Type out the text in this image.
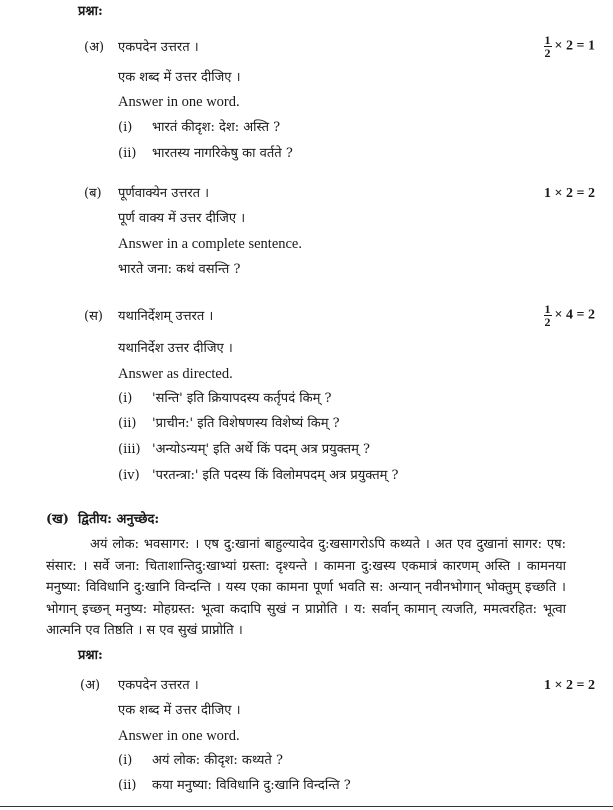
प्रश्ना:
(अ) एकपदेन उत्तरत ।	$\frac{1}{2} \times 2 = 1$
एक शब्द में उत्तर दीजिए ।
Answer in one word.
(i) भारतं कीदृश: देश: अस्ति ?
(ii) भारतस्य नागरिकेषु का वर्तते ?
(ब) पूर्णवाक्येन उत्तरत ।	1 × 2 = 2
पूर्ण वाक्य में उत्तर दीजिए ।
Answer in a complete sentence.
भारते जना: कथं वसन्ति ?
(स) यथानिर्देशम् उत्तरत ।	$\frac{1}{2} \times 4 = 2$
यथानिर्देश उत्तर दीजिए ।
Answer as directed.
(i) 'सन्ति' इति क्रियापदस्य कर्तृपदं किम् ?
(ii) 'प्राचीन:' इति विशेषणस्य विशेष्यं किम् ?
(iii) 'अन्योऽन्यम्' इति अर्थे किं पदम् अत्र प्रयुक्तम् ?
(iv) 'परतन्त्रा:' इति पदस्य किं विलोमपदम् अत्र प्रयुक्तम् ?
(ख) द्वितीय: अनुच्छेद:
अयं लोक: भवसागर: । एष दु:खानां बाहुल्यादेव दु:खसागरोऽपि कथ्यते । अत एव दुखानां सागर: एष: संसार: । सर्वे जना: चिताशान्तिदु:खाभ्यां ग्रस्ता: दृश्यन्ते । कामना दु:खस्य एकमात्रं कारणम् अस्ति । कामनया मनुष्या: विविधानि दु:खानि विन्दन्ति । यस्य एका कामना पूर्णा भवति स: अन्यान् नवीनभोगान् भोक्तुम् इच्छति । भोगान् इच्छन् मनुष्य: मोहग्रस्त: भूत्वा कदापि सुखं न प्राप्नोति । य: सर्वान् कामान् त्यजति, ममत्वरहित: भूत्वा आत्मनि एव तिष्ठति । स एव सुखं प्राप्नोति ।
प्रश्ना:
(अ) एकपदेन उत्तरत ।	1 × 2 = 2
एक शब्द में उत्तर दीजिए ।
Answer in one word.
(i) अयं लोक: कीदृश: कथ्यते ?
(ii) कया मनुष्या: विविधानि दु:खानि विन्दन्ति ?
